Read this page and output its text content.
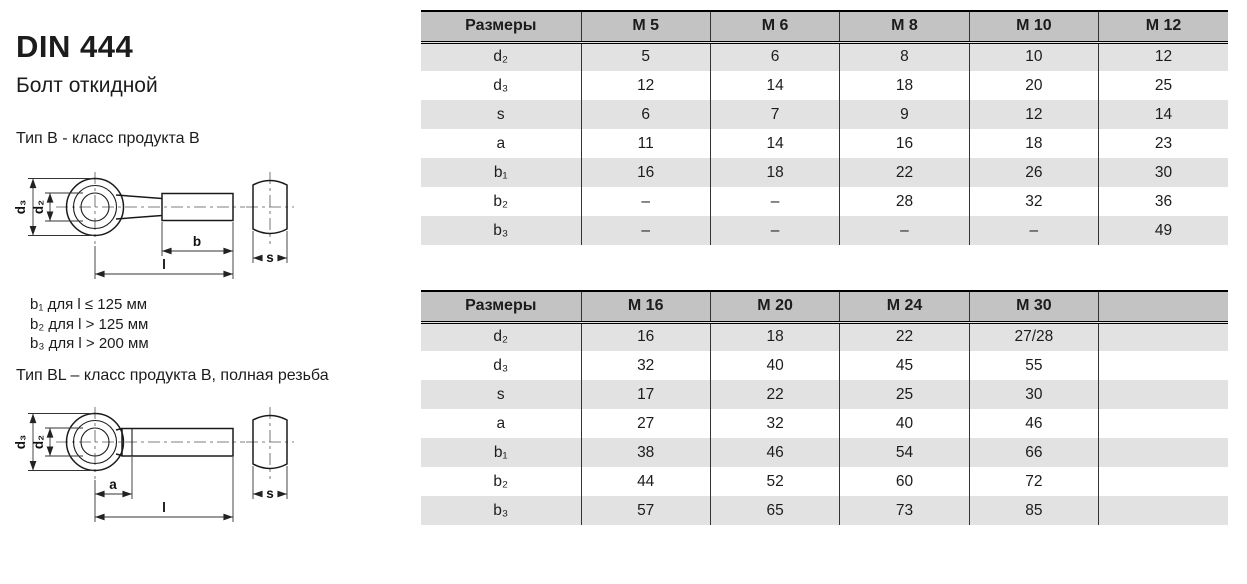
DIN 444
Болт откидной
Тип B - класс продукта B
d₃ d₂
b
l	s
b₁ для l ≤ 125 мм
b₂ для l > 125 мм
b₃ для l > 200 мм
Тип BL – класс продукта B, полная резьба
d₃ d₂
a
l
s
Размеры	M 5	M 6	M 8	M 10	M 12
d₂	5	6	8	10	12
d₃	12	14	18	20	25
s	6	7	9	12	14
a	11	14	16	18	23
b₁	16	18	22	26	30
b₂	–	–	28	32	36
b₃	–	–	–	–	49
Размеры	M 16	M 20	M 24	M 30	
d₂	16	18	22	27/28	
d₃	32	40	45	55	
s	17	22	25	30	
a	27	32	40	46	
b₁	38	46	54	66	
b₂	44	52	60	72	
b₃	57	65	73	85	
